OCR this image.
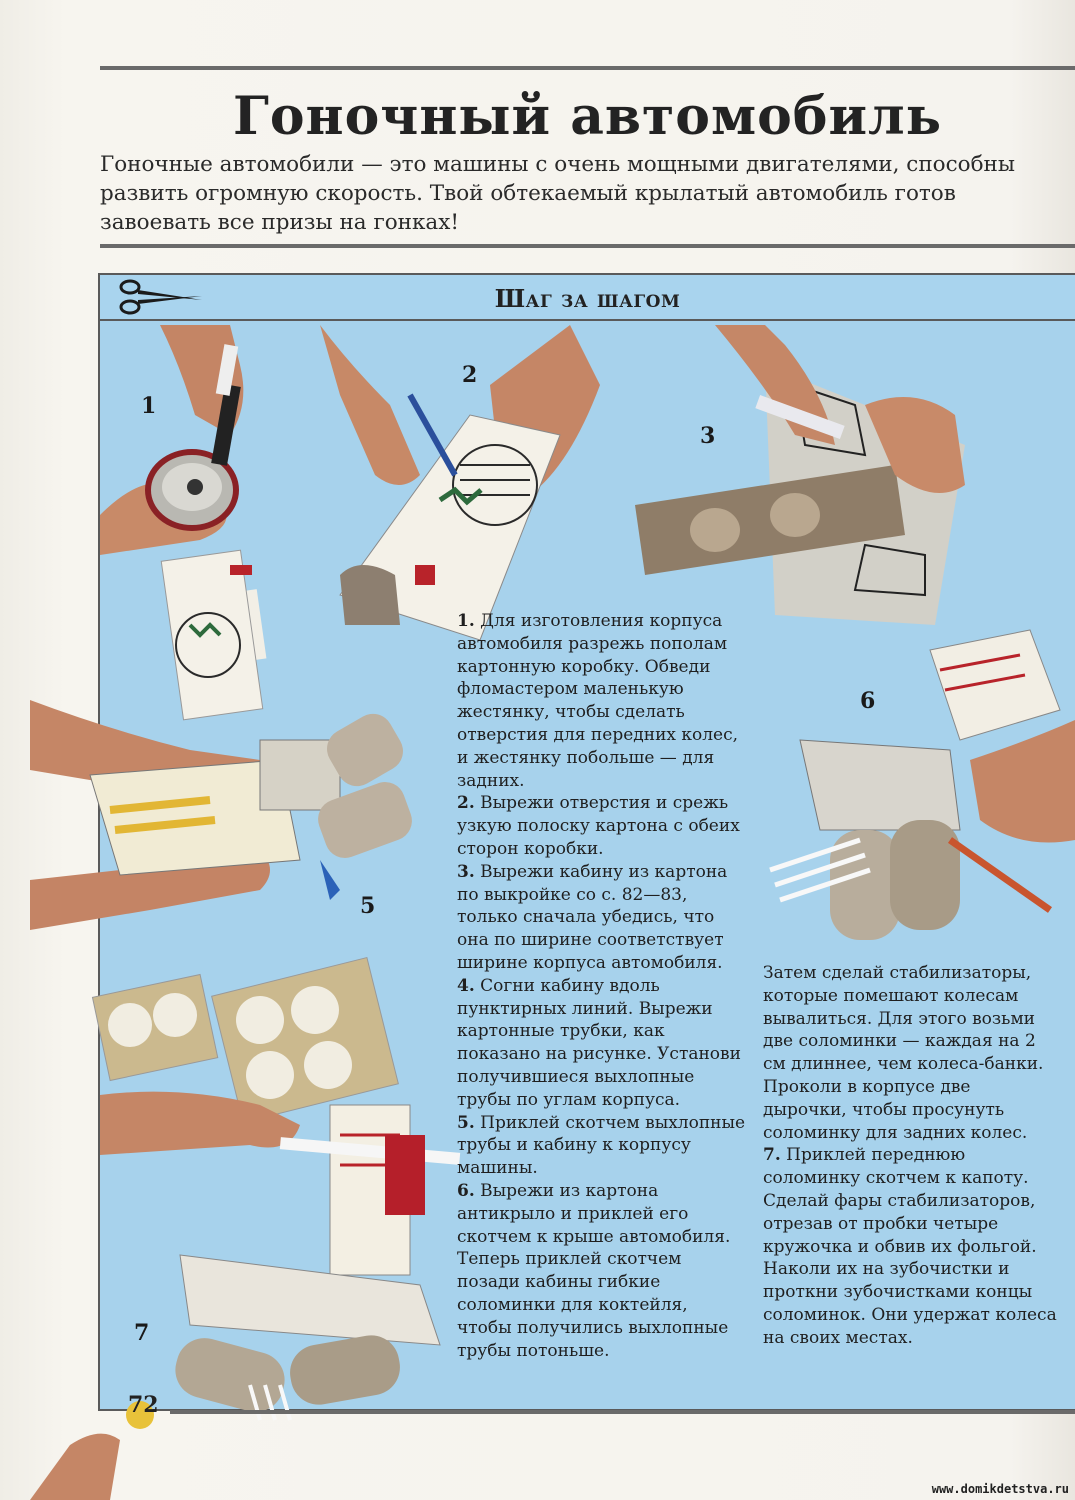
Гоночный автомобиль
Гоночные автомобили — это машины с очень мощными двигателями, способны развить огромную скорость. Твой обтекаемый крылатый автомобиль готов завоевать все призы на гонках!
Шаг за шагом
1
2
3
5
6
7

1. Для изготовления корпуса автомобиля разрежь пополам картонную коробку. Обведи фломастером маленькую жестянку, чтобы сделать отверстия для передних колес, и жестянку побольше — для задних.

2. Вырежи отверстия и срежь узкую полоску картона с обеих сторон коробки.

3. Вырежи кабину из картона по выкройке со с. 82—83, только сначала убедись, что она по ширине соответствует ширине корпуса автомобиля.

4. Согни кабину вдоль пунктирных линий. Вырежи картонные трубки, как показано на рисунке. Установи получившиеся выхлопные трубы по углам корпуса.

5. Приклей скотчем выхлопные трубы и кабину к корпусу машины.

6. Вырежи из картона антикрыло и приклей его скотчем к крыше автомобиля. Теперь приклей скотчем позади кабины гибкие соломинки для коктейля, чтобы получились выхлопные трубы потоньше.

Затем сделай стабилизаторы, которые помешают колесам вывалиться. Для этого возьми две соломинки — каждая на 2 см длиннее, чем колеса-банки. Проколи в корпусе две дырочки, чтобы просунуть соломинку для задних колес.

7. Приклей переднюю соломинку скотчем к капоту. Сделай фары стабилизаторов, отрезав от пробки четыре кружочка и обвив их фольгой. Наколи их на зубочистки и проткни зубочистками концы соломинок. Они удержат колеса на своих местах.

72
www.domikdetstva.ru
